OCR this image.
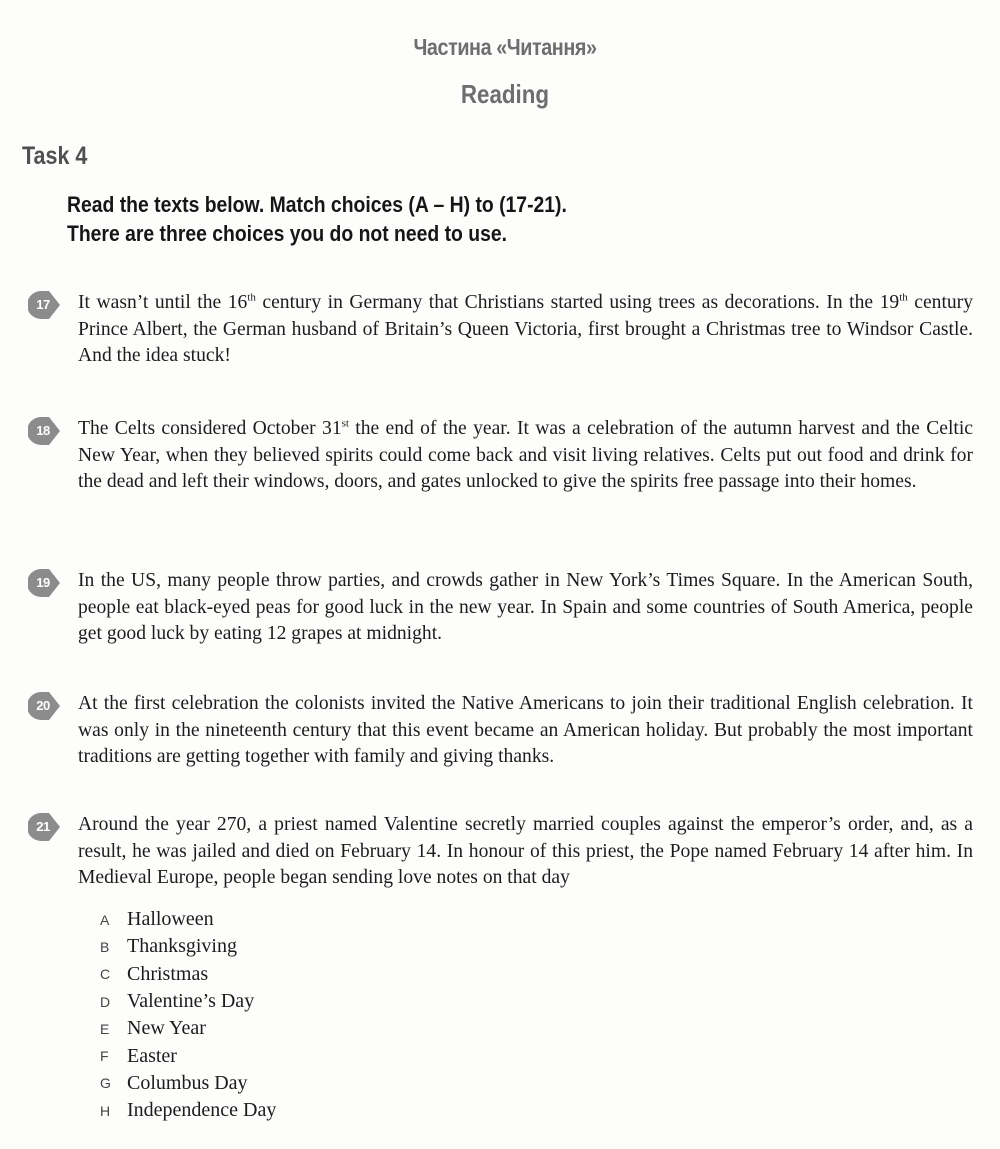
Частина «Читання»
Reading
Task 4
Read the texts below. Match choices (A – H) to (17-21).
There are three choices you do not need to use.
17	It wasn’t until the 16th century in Germany that Christians started using trees as decorations. In the 19th century Prince Albert, the German husband of Britain’s Queen Victoria, first brought a Christmas tree to Windsor Castle. And the idea stuck!
18	The Celts considered October 31st the end of the year. It was a celebration of the autumn harvest and the Celtic New Year, when they believed spirits could come back and visit living relatives. Celts put out food and drink for the dead and left their windows, doors, and gates unlocked to give the spirits free passage into their homes.
19	In the US, many people throw parties, and crowds gather in New York’s Times Square. In the American South, people eat black-eyed peas for good luck in the new year. In Spain and some countries of South America, people get good luck by eating 12 grapes at midnight.
20	At the first celebration the colonists invited the Native Americans to join their traditional English celebration. It was only in the nineteenth century that this event became an American holiday. But probably the most important traditions are getting together with family and giving thanks.
21	Around the year 270, a priest named Valentine secretly married couples against the emperor’s order, and, as a result, he was jailed and died on February 14. In honour of this priest, the Pope named February 14 after him. In Medieval Europe, people began sending love notes on that day
A Halloween
B Thanksgiving
C Christmas
D Valentine’s Day
E New Year
F Easter
G Columbus Day
H Independence Day
